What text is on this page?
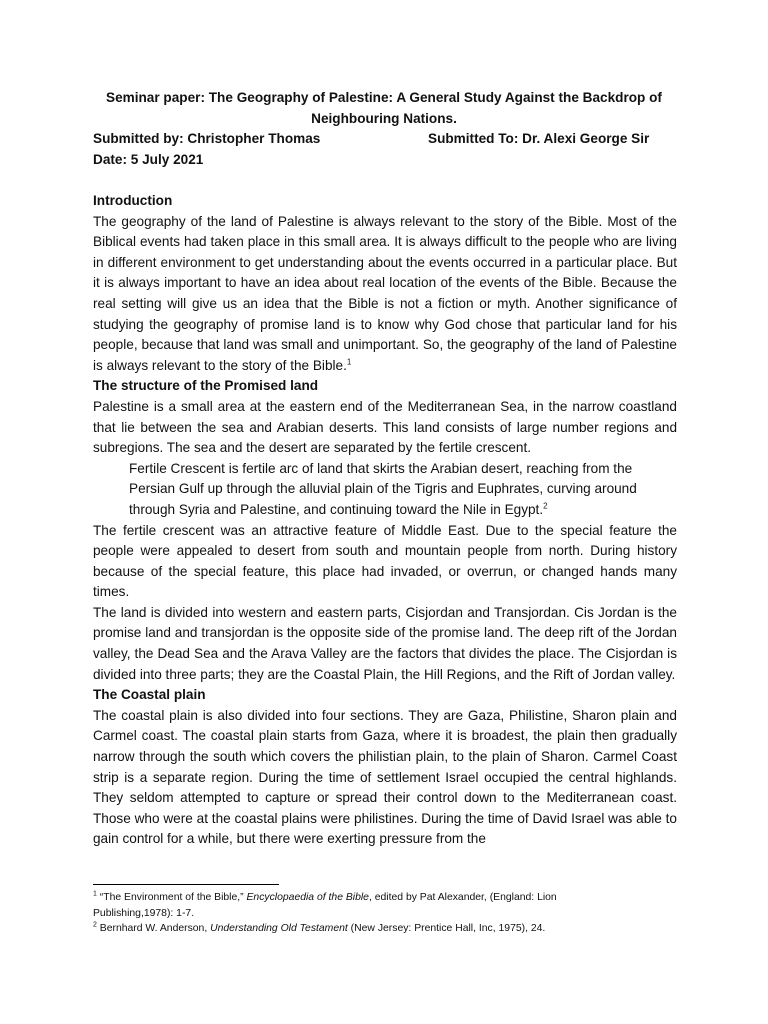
Seminar paper: The Geography of Palestine: A General Study Against the Backdrop of Neighbouring Nations.
Submitted by: Christopher Thomas	Submitted To: Dr. Alexi George Sir
Date: 5 July 2021
Introduction

The geography of the land of Palestine is always relevant to the story of the Bible. Most of the Biblical events had taken place in this small area. It is always difficult to the people who are living in different environment to get understanding about the events occurred in a particular place. But it is always important to have an idea about real location of the events of the Bible. Because the real setting will give us an idea that the Bible is not a fiction or myth. Another significance of studying the geography of promise land is to know why God chose that particular land for his people, because that land was small and unimportant. So, the geography of the land of Palestine is always relevant to the story of the Bible.$^1$

The structure of the Promised land

Palestine is a small area at the eastern end of the Mediterranean Sea, in the narrow coastland that lie between the sea and Arabian deserts. This land consists of large number regions and subregions. The sea and the desert are separated by the fertile crescent.

Fertile Crescent is fertile arc of land that skirts the Arabian desert, reaching from the Persian Gulf up through the alluvial plain of the Tigris and Euphrates, curving around through Syria and Palestine, and continuing toward the Nile in Egypt.$^2$

The fertile crescent was an attractive feature of Middle East. Due to the special feature the people were appealed to desert from south and mountain people from north. During history because of the special feature, this place had invaded, or overrun, or changed hands many times.

The land is divided into western and eastern parts, Cisjordan and Transjordan. Cis Jordan is the promise land and transjordan is the opposite side of the promise land. The deep rift of the Jordan valley, the Dead Sea and the Arava Valley are the factors that divides the place. The Cisjordan is divided into three parts; they are the Coastal Plain, the Hill Regions, and the Rift of Jordan valley.

The Coastal plain

The coastal plain is also divided into four sections. They are Gaza, Philistine, Sharon plain and Carmel coast. The coastal plain starts from Gaza, where it is broadest, the plain then gradually narrow through the south which covers the philistian plain, to the plain of Sharon. Carmel Coast strip is a separate region. During the time of settlement Israel occupied the central highlands. They seldom attempted to capture or spread their control down to the Mediterranean coast. Those who were at the coastal plains were philistines. During the time of David Israel was able to gain control for a while, but there were exerting pressure from the

$^1$ “The Environment of the Bible,” Encyclopaedia of the Bible, edited by Pat Alexander, (England: Lion Publishing,1978): 1-7.

$^2$ Bernhard W. Anderson, Understanding Old Testament (New Jersey: Prentice Hall, Inc, 1975), 24.
